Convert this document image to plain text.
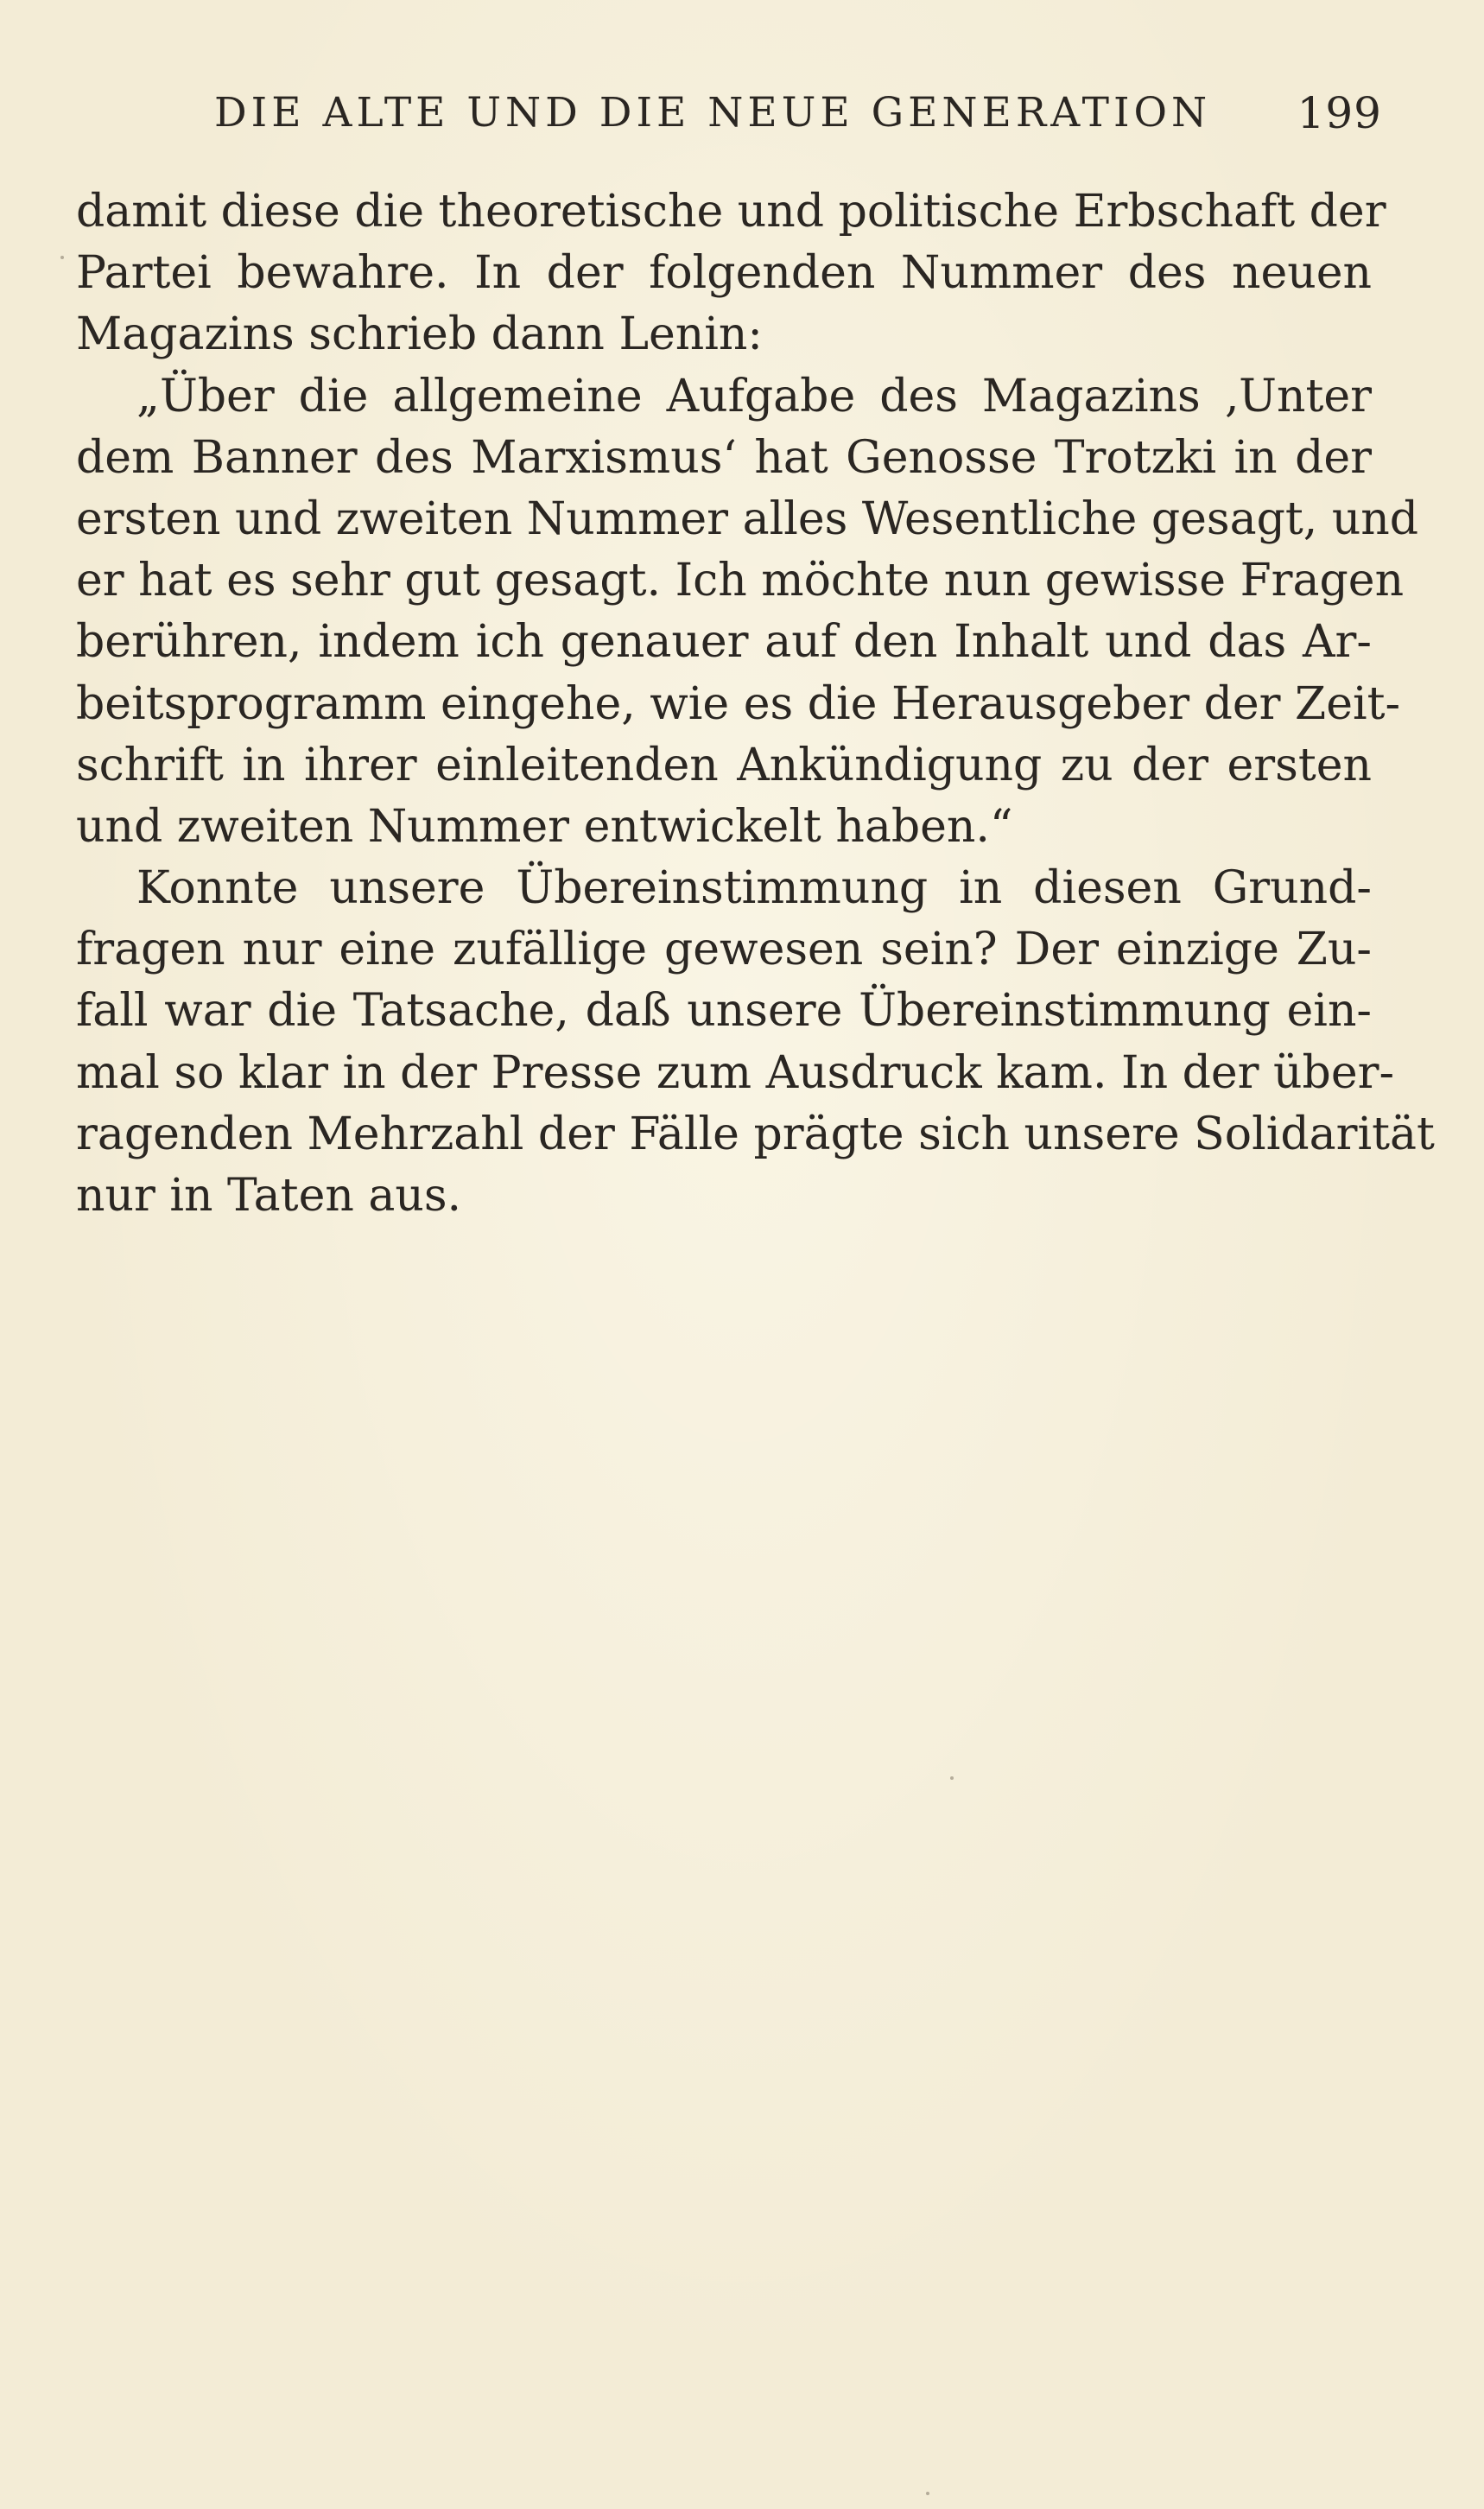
DIE ALTE UND DIE NEUE GENERATION 199
damit diese die theoretische und politische Erbschaft der
Partei bewahre. In der folgenden Nummer des neuen
Magazins schrieb dann Lenin:
„Über die allgemeine Aufgabe des Magazins ‚Unter
dem Banner des Marxismus‘ hat Genosse Trotzki in der
ersten und zweiten Nummer alles Wesentliche gesagt, und
er hat es sehr gut gesagt. Ich möchte nun gewisse Fragen
berühren, indem ich genauer auf den Inhalt und das Ar-
beitsprogramm eingehe, wie es die Herausgeber der Zeit-
schrift in ihrer einleitenden Ankündigung zu der ersten
und zweiten Nummer entwickelt haben.“
Konnte unsere Übereinstimmung in diesen Grund-
fragen nur eine zufällige gewesen sein? Der einzige Zu-
fall war die Tatsache, daß unsere Übereinstimmung ein-
mal so klar in der Presse zum Ausdruck kam. In der über-
ragenden Mehrzahl der Fälle prägte sich unsere Solidarität
nur in Taten aus.
